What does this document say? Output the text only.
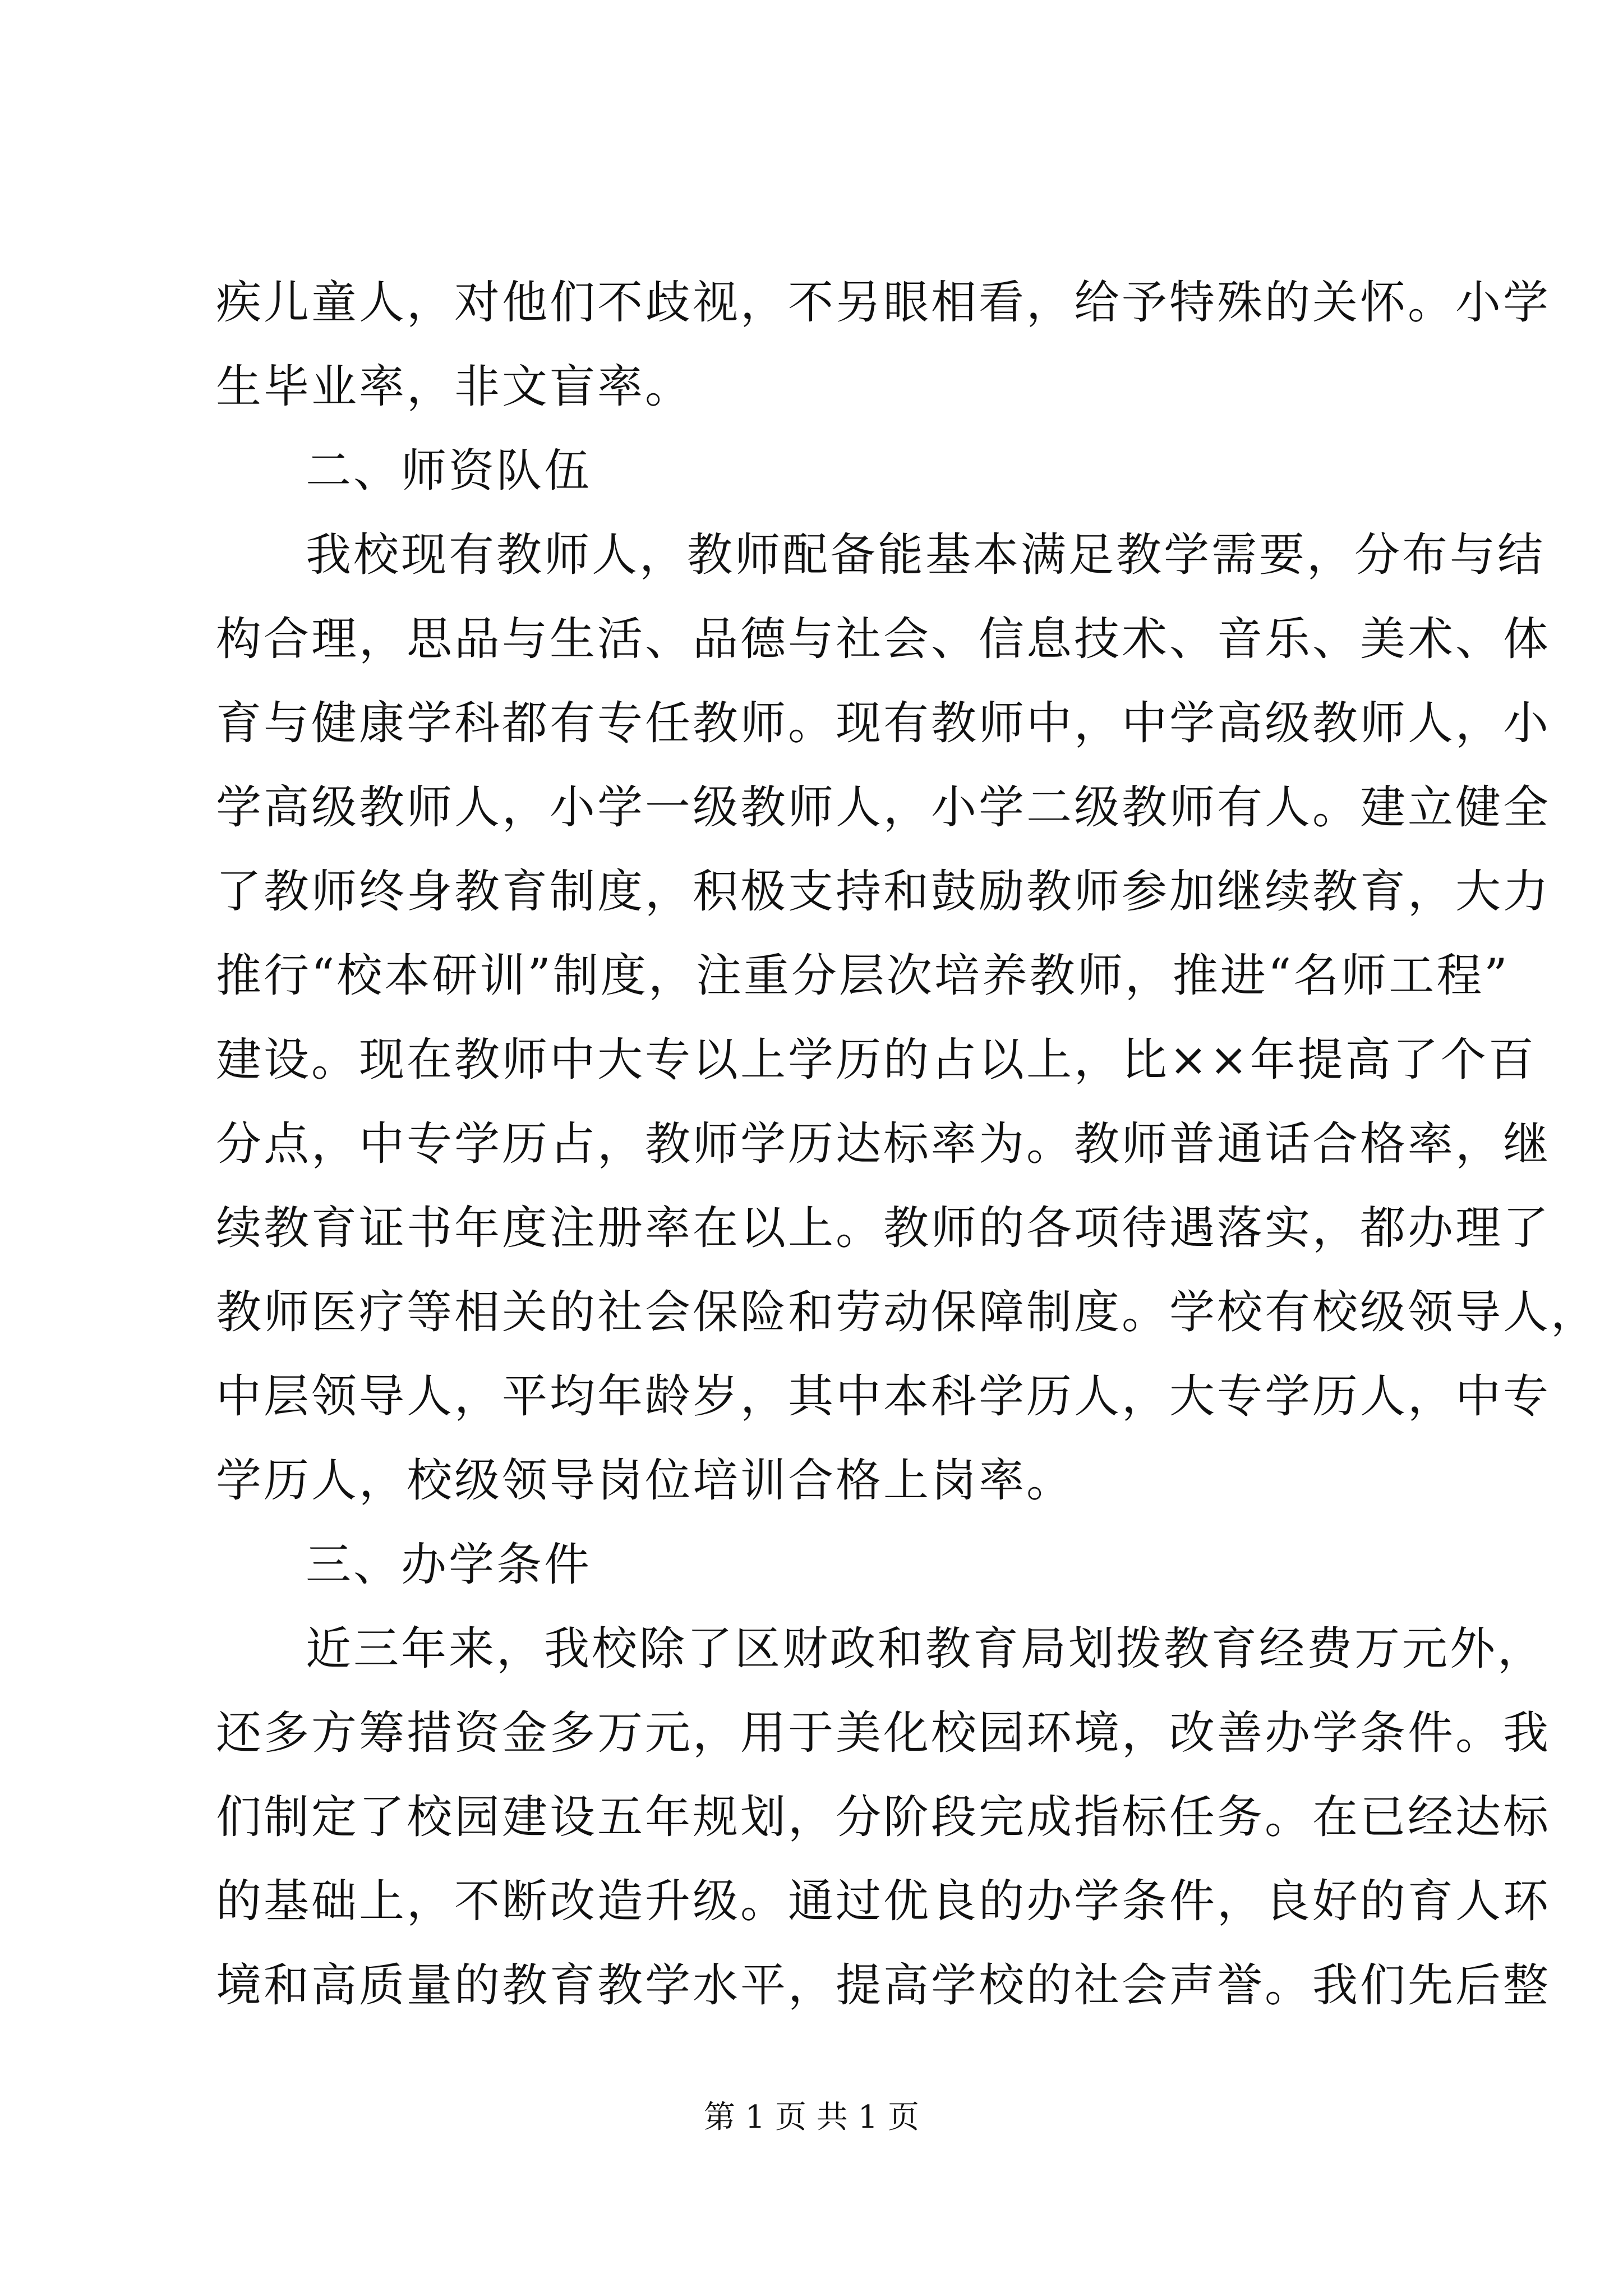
疾儿童人，对他们不歧视，不另眼相看，给予特殊的关怀。小学
生毕业率，非文盲率。
二、师资队伍
我校现有教师人，教师配备能基本满足教学需要，分布与结
构合理，思品与生活、品德与社会、信息技术、音乐、美术、体
育与健康学科都有专任教师。现有教师中，中学高级教师人，小
学高级教师人，小学一级教师人，小学二级教师有人。建立健全
了教师终身教育制度，积极支持和鼓励教师参加继续教育，大力
推行“校本研训”制度，注重分层次培养教师，推进“名师工程”
建设。现在教师中大专以上学历的占以上，比××年提高了个百
分点，中专学历占，教师学历达标率为。教师普通话合格率，继
续教育证书年度注册率在以上。教师的各项待遇落实，都办理了
教师医疗等相关的社会保险和劳动保障制度。学校有校级领导人，
中层领导人，平均年龄岁，其中本科学历人，大专学历人，中专
学历人，校级领导岗位培训合格上岗率。
三、办学条件
近三年来，我校除了区财政和教育局划拨教育经费万元外，
还多方筹措资金多万元，用于美化校园环境，改善办学条件。我
们制定了校园建设五年规划，分阶段完成指标任务。在已经达标
的基础上，不断改造升级。通过优良的办学条件，良好的育人环
境和高质量的教育教学水平，提高学校的社会声誉。我们先后整
第 1 页 共 1 页
